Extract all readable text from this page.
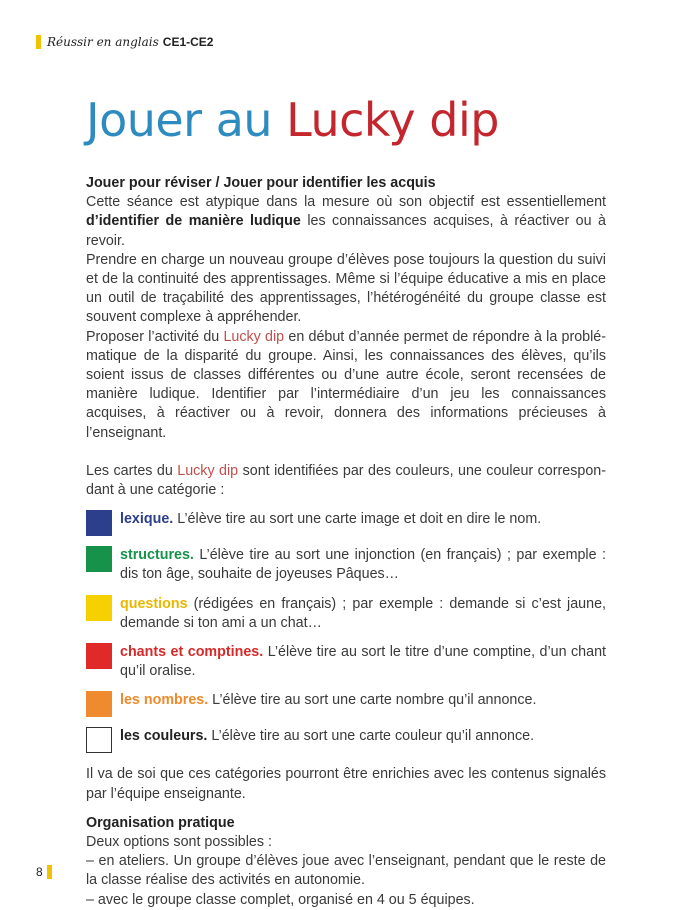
Réussir en anglais CE1-CE2
Jouer au Lucky dip

Jouer pour réviser / Jouer pour identifier les acquis

Cette séance est atypique dans la mesure où son objectif est essentiellement d’identifier de manière ludique les connaissances acquises, à réactiver ou à revoir.

Prendre en charge un nouveau groupe d’élèves pose toujours la question du suivi et de la continuité des apprentissages. Même si l’équipe éducative a mis en place un outil de traçabilité des apprentissages, l’hétérogénéité du groupe classe est souvent complexe à appréhender.

Proposer l’activité du Lucky dip en début d’année permet de répondre à la problématique de la disparité du groupe. Ainsi, les connaissances des élèves, qu’ils soient issus de classes différentes ou d’une autre école, seront recensées de manière ludique. Identifier par l’intermédiaire d’un jeu les connaissances acquises, à réactiver ou à revoir, donnera des informations précieuses à l’enseignant.

Les cartes du Lucky dip sont identifiées par des couleurs, une couleur correspondant à une catégorie :

lexique. L’élève tire au sort une carte image et doit en dire le nom.
structures. L’élève tire au sort une injonction (en français) ; par exemple : dis ton âge, souhaite de joyeuses Pâques…
questions (rédigées en français) ; par exemple : demande si c’est jaune, demande si ton ami a un chat…
chants et comptines. L’élève tire au sort le titre d’une comptine, d’un chant qu’il oralise.
les nombres. L’élève tire au sort une carte nombre qu’il annonce.
les couleurs. L’élève tire au sort une carte couleur qu’il annonce.

Il va de soi que ces catégories pourront être enrichies avec les contenus signalés par l’équipe enseignante.

Organisation pratique

Deux options sont possibles :

– en ateliers. Un groupe d’élèves joue avec l’enseignant, pendant que le reste de la classe réalise des activités en autonomie.

– avec le groupe classe complet, organisé en 4 ou 5 équipes.

8
